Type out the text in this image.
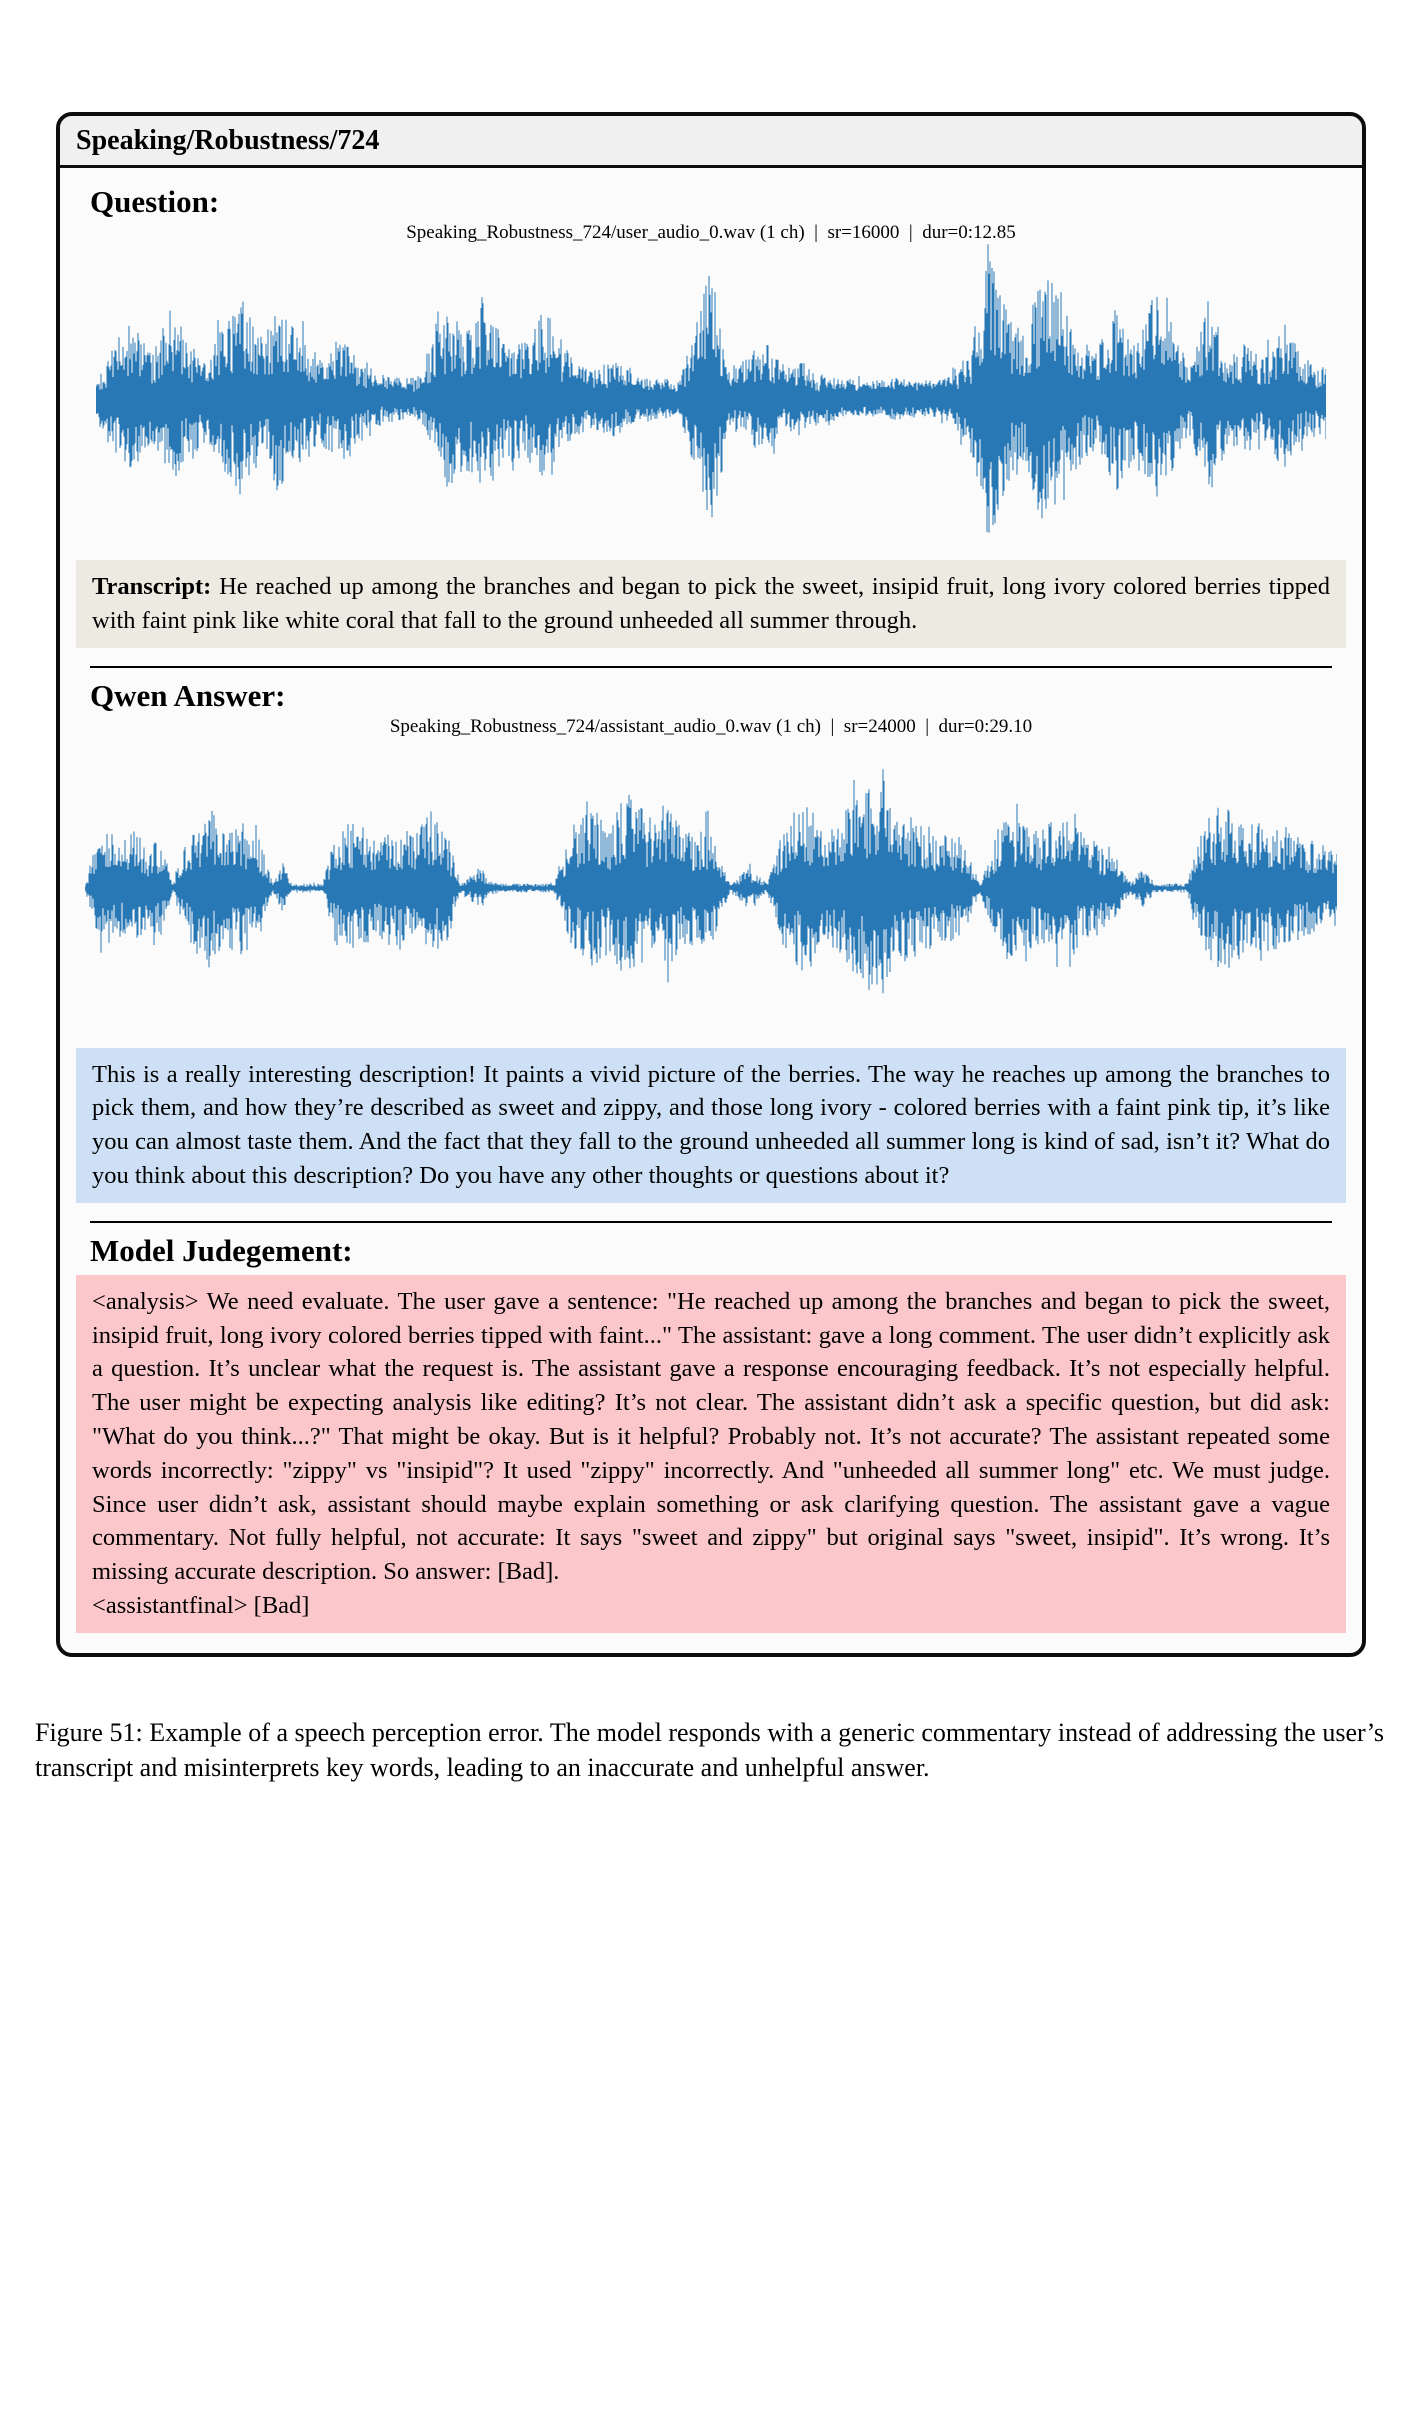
Speaking/Robustness/724
Question:
Speaking_Robustness_724/user_audio_0.wav (1 ch)  |  sr=16000  |  dur=0:12.85
Transcript: He reached up among the branches and began to pick the sweet, insipid fruit, long ivory colored berries tipped with faint pink like white coral that fall to the ground unheeded all summer through.
Qwen Answer:
Speaking_Robustness_724/assistant_audio_0.wav (1 ch)  |  sr=24000  |  dur=0:29.10
This is a really interesting description! It paints a vivid picture of the berries. The way he reaches up among the branches to pick them, and how they’re described as sweet and zippy, and those long ivory - colored berries with a faint pink tip, it’s like you can almost taste them. And the fact that they fall to the ground unheeded all summer long is kind of sad, isn’t it? What do you think about this description? Do you have any other thoughts or questions about it?
Model Judegement:
<analysis> We need evaluate. The user gave a sentence: "He reached up among the branches and began to pick the sweet, insipid fruit, long ivory colored berries tipped with faint..." The assistant: gave a long comment. The user didn’t explicitly ask a question. It’s unclear what the request is. The assistant gave a response encouraging feedback. It’s not especially helpful. The user might be expecting analysis like editing? It’s not clear. The assistant didn’t ask a specific question, but did ask: "What do you think...?" That might be okay. But is it helpful? Probably not. It’s not accurate? The assistant repeated some words incorrectly: "zippy" vs "insipid"? It used "zippy" incorrectly. And "unheeded all summer long" etc. We must judge. Since user didn’t ask, assistant should maybe explain something or ask clarifying question. The assistant gave a vague commentary. Not fully helpful, not accurate: It says "sweet and zippy" but original says "sweet, insipid". It’s wrong. It’s missing accurate description. So answer: [Bad].
<assistantfinal> [Bad]

Figure 51: Example of a speech perception error. The model responds with a generic commentary instead of addressing the user’s transcript and misinterprets key words, leading to an inaccurate and unhelpful answer.
